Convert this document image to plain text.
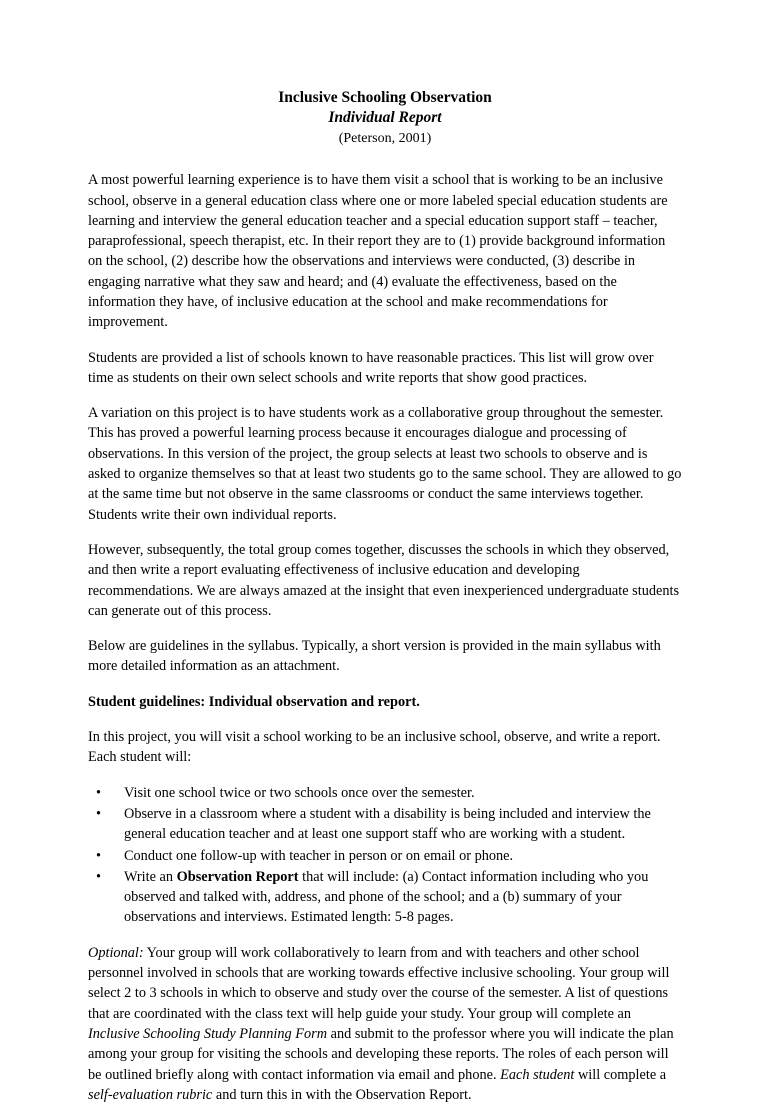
Inclusive Schooling Observation
Individual Report
(Peterson, 2001)

A most powerful learning experience is to have them visit a school that is working to be an inclusive school, observe in a general education class where one or more labeled special education students are learning and interview the general education teacher and a special education support staff – teacher, paraprofessional, speech therapist, etc. In their report they are to (1) provide background information on the school, (2) describe how the observations and interviews were conducted, (3) describe in engaging narrative what they saw and heard; and (4) evaluate the effectiveness, based on the information they have, of inclusive education at the school and make recommendations for improvement.

Students are provided a list of schools known to have reasonable practices. This list will grow over time as students on their own select schools and write reports that show good practices.

A variation on this project is to have students work as a collaborative group throughout the semester. This has proved a powerful learning process because it encourages dialogue and processing of observations. In this version of the project, the group selects at least two schools to observe and is asked to organize themselves so that at least two students go to the same school. They are allowed to go at the same time but not observe in the same classrooms or conduct the same interviews together. Students write their own individual reports.

However, subsequently, the total group comes together, discusses the schools in which they observed, and then write a report evaluating effectiveness of inclusive education and developing recommendations. We are always amazed at the insight that even inexperienced undergraduate students can generate out of this process.

Below are guidelines in the syllabus. Typically, a short version is provided in the main syllabus with more detailed information as an attachment.

Student guidelines: Individual observation and report.

In this project, you will visit a school working to be an inclusive school, observe, and write a report. Each student will:

• Visit one school twice or two schools once over the semester.
• Observe in a classroom where a student with a disability is being included and interview the general education teacher and at least one support staff who are working with a student.
• Conduct one follow-up with teacher in person or on email or phone.
• Write an Observation Report that will include: (a) Contact information including who you observed and talked with, address, and phone of the school; and a (b) summary of your observations and interviews. Estimated length: 5-8 pages.

Optional: Your group will work collaboratively to learn from and with teachers and other school personnel involved in schools that are working towards effective inclusive schooling. Your group will select 2 to 3 schools in which to observe and study over the course of the semester. A list of questions that are coordinated with the class text will help guide your study. Your group will complete an Inclusive Schooling Study Planning Form and submit to the professor where you will indicate the plan among your group for visiting the schools and developing these reports. The roles of each person will be outlined briefly along with contact information via email and phone. Each student will complete a self-evaluation rubric and turn this in with the Observation Report.
